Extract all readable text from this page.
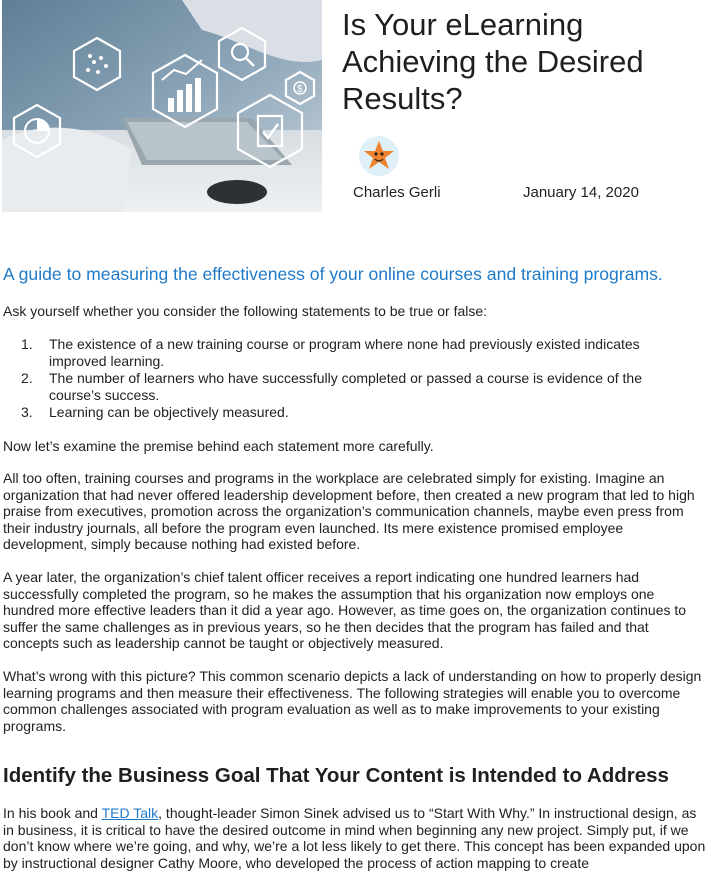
$
Is Your eLearning Achieving the Desired Results?
Charles Gerli	January 14, 2020
A guide to measuring the effectiveness of your online courses and training programs.

Ask yourself whether you consider the following statements to be true or false:

1. The existence of a new training course or program where none had previously existed indicates improved learning.
2. The number of learners who have successfully completed or passed a course is evidence of the course’s success.
3. Learning can be objectively measured.

Now let’s examine the premise behind each statement more carefully.

All too often, training courses and programs in the workplace are celebrated simply for existing. Imagine an organization that had never offered leadership development before, then created a new program that led to high praise from executives, promotion across the organization’s communication channels, maybe even press from their industry journals, all before the program even launched. Its mere existence promised employee development, simply because nothing had existed before.

A year later, the organization’s chief talent officer receives a report indicating one hundred learners had successfully completed the program, so he makes the assumption that his organization now employs one hundred more effective leaders than it did a year ago. However, as time goes on, the organization continues to suffer the same challenges as in previous years, so he then decides that the program has failed and that concepts such as leadership cannot be taught or objectively measured.

What’s wrong with this picture? This common scenario depicts a lack of understanding on how to properly design learning programs and then measure their effectiveness. The following strategies will enable you to overcome common challenges associated with program evaluation as well as to make improvements to your existing programs.

Identify the Business Goal That Your Content is Intended to Address

In his book and TED Talk, thought-leader Simon Sinek advised us to “Start With Why.” In instructional design, as in business, it is critical to have the desired outcome in mind when beginning any new project. Simply put, if we don’t know where we’re going, and why, we’re a lot less likely to get there. This concept has been expanded upon by instructional designer Cathy Moore, who developed the process of action mapping to create
